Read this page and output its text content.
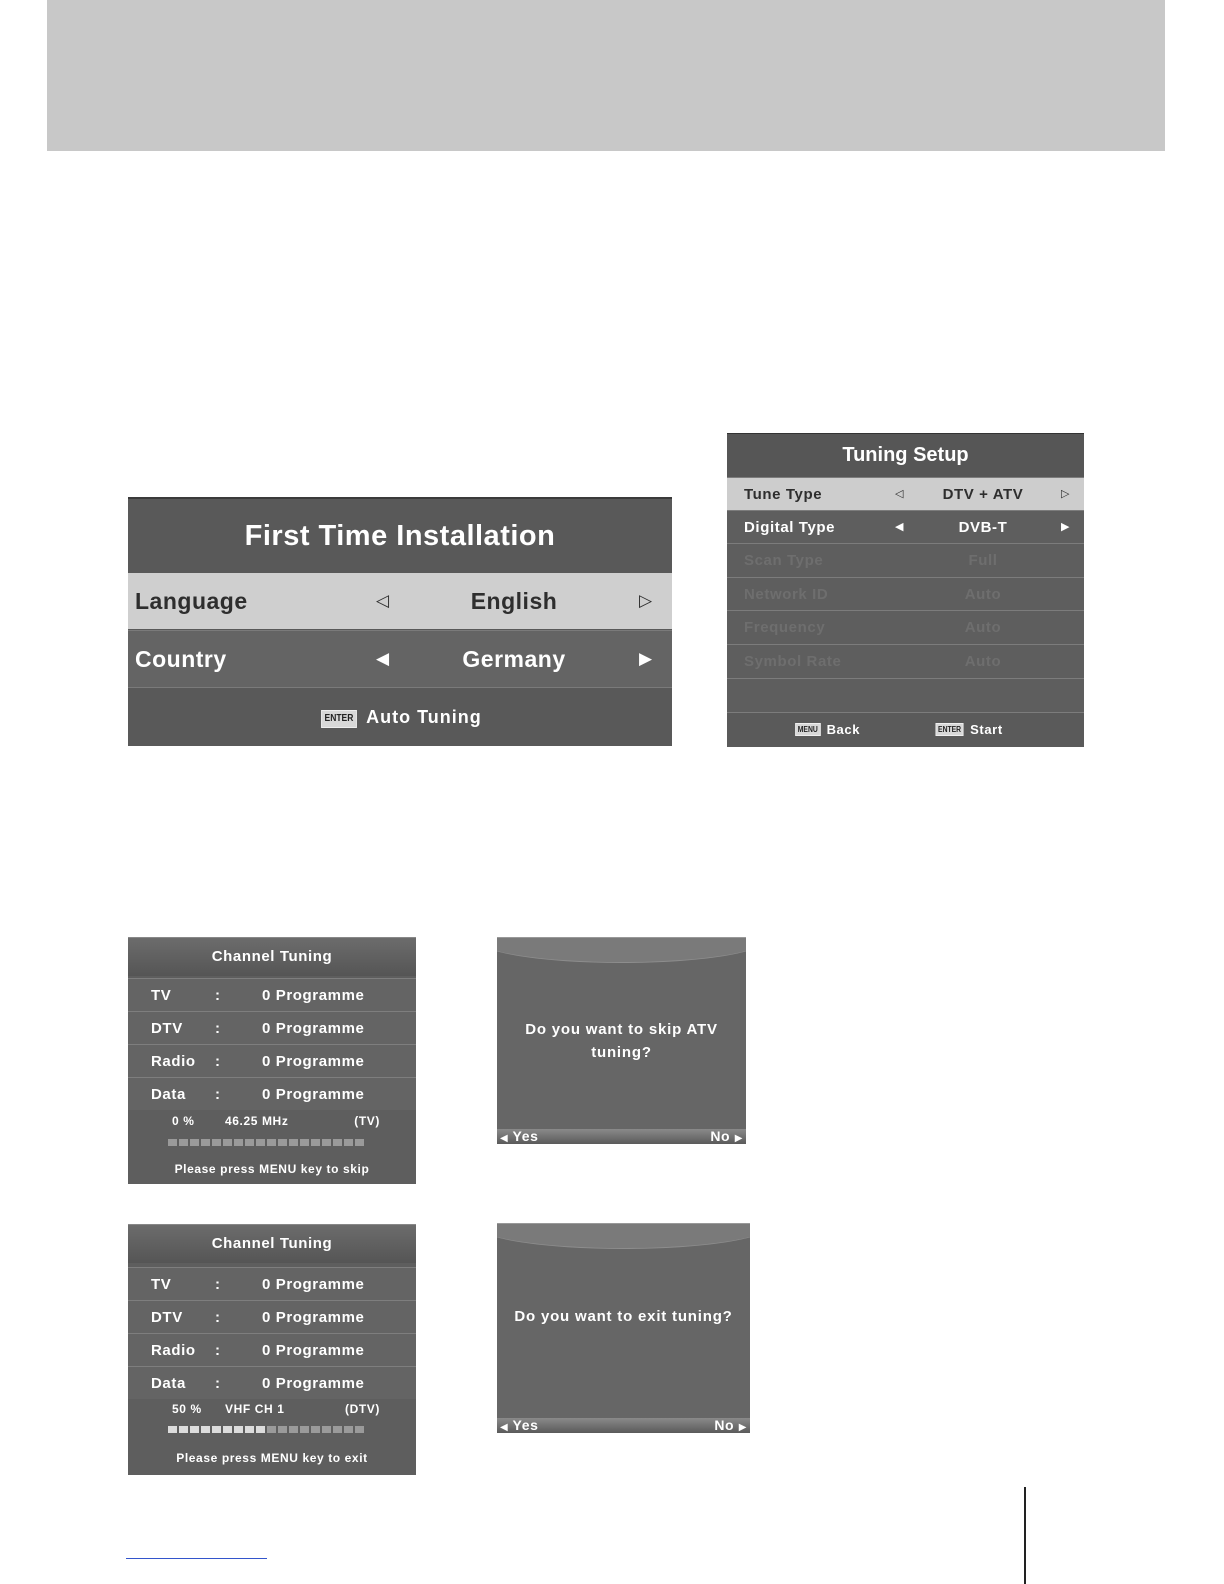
First Time Installation
Language	◁	English	▷
Country	◀	Germany	▶
ENTER Auto Tuning
Tuning Setup
Tune Type	◁	DTV + ATV	▷
Digital Type	◀	DVB-T	▶
Scan Type	Full
Network ID	Auto
Frequency	Auto
Symbol Rate	Auto
MENU Back	ENTER Start
Channel Tuning
TV	:	0 Programme
DTV :	0 Programme
Radio :	0 Programme
Data :	0 Programme
0 %	46.25 MHz	(TV)
Please press MENU key to skip
Channel Tuning
TV	:	0 Programme
DTV :	0 Programme
Radio :	0 Programme
Data :	0 Programme
50 % VHF CH 1	(DTV)
Please press MENU key to exit
Do you want to skip ATV tuning?
◀ Yes	No ▶
Do you want to exit tuning?
◀ Yes	No ▶
